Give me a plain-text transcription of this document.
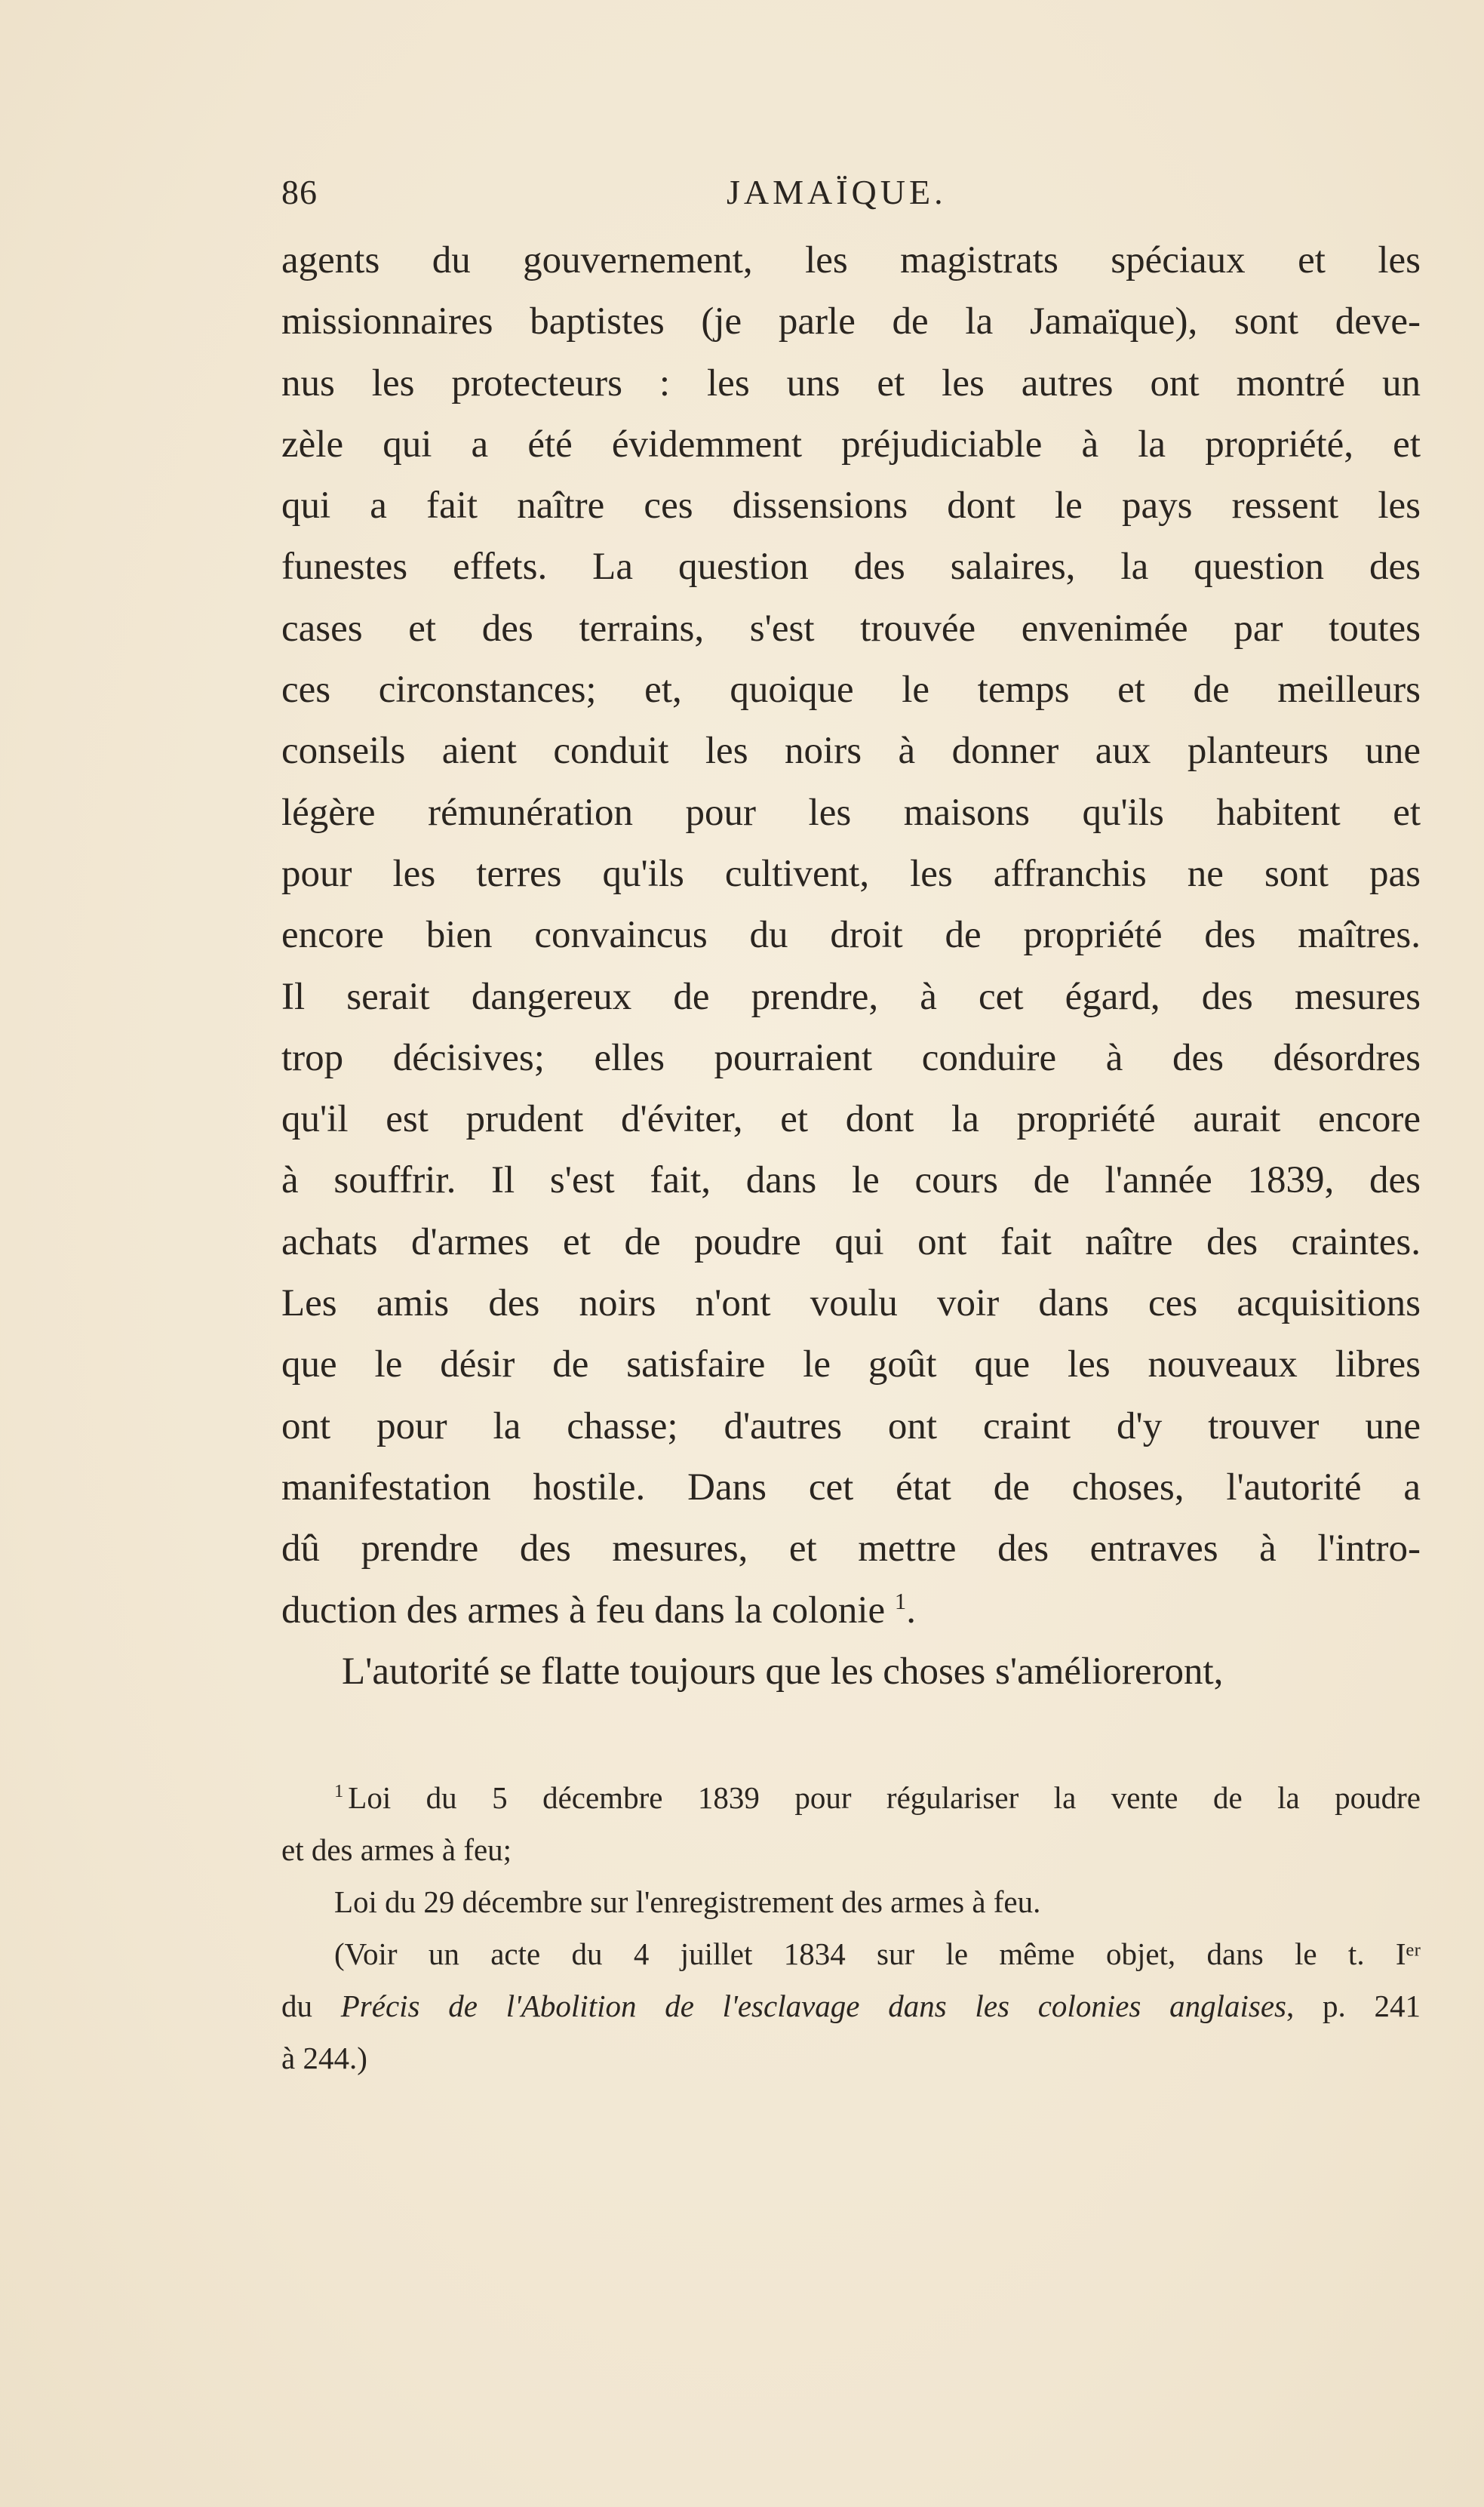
86	JAMAÏQUE.
agents du gouvernement, les magistrats spéciaux et les
missionnaires baptistes (je parle de la Jamaïque), sont deve-
nus les protecteurs : les uns et les autres ont montré un
zèle qui a été évidemment préjudiciable à la propriété, et
qui a fait naître ces dissensions dont le pays ressent les
funestes effets. La question des salaires, la question des
cases et des terrains, s'est trouvée envenimée par toutes
ces circonstances; et, quoique le temps et de meilleurs
conseils aient conduit les noirs à donner aux planteurs une
légère rémunération pour les maisons qu'ils habitent et
pour les terres qu'ils cultivent, les affranchis ne sont pas
encore bien convaincus du droit de propriété des maîtres.
Il serait dangereux de prendre, à cet égard, des mesures
trop décisives; elles pourraient conduire à des désordres
qu'il est prudent d'éviter, et dont la propriété aurait encore
à souffrir. Il s'est fait, dans le cours de l'année 1839, des
achats d'armes et de poudre qui ont fait naître des craintes.
Les amis des noirs n'ont voulu voir dans ces acquisitions
que le désir de satisfaire le goût que les nouveaux libres
ont pour la chasse; d'autres ont craint d'y trouver une
manifestation hostile. Dans cet état de choses, l'autorité a
dû prendre des mesures, et mettre des entraves à l'intro-
duction des armes à feu dans la colonie $^1$.
L'autorité se flatte toujours que les choses s'amélioreront,
$^1$ Loi du 5 décembre 1839 pour régulariser la vente de la poudre
et des armes à feu;
Loi du 29 décembre sur l'enregistrement des armes à feu.
(Voir un acte du 4 juillet 1834 sur le même objet, dans le t. Iᵉʳ
du Précis de l'Abolition de l'esclavage dans les colonies anglaises, p. 241
à 244.)
